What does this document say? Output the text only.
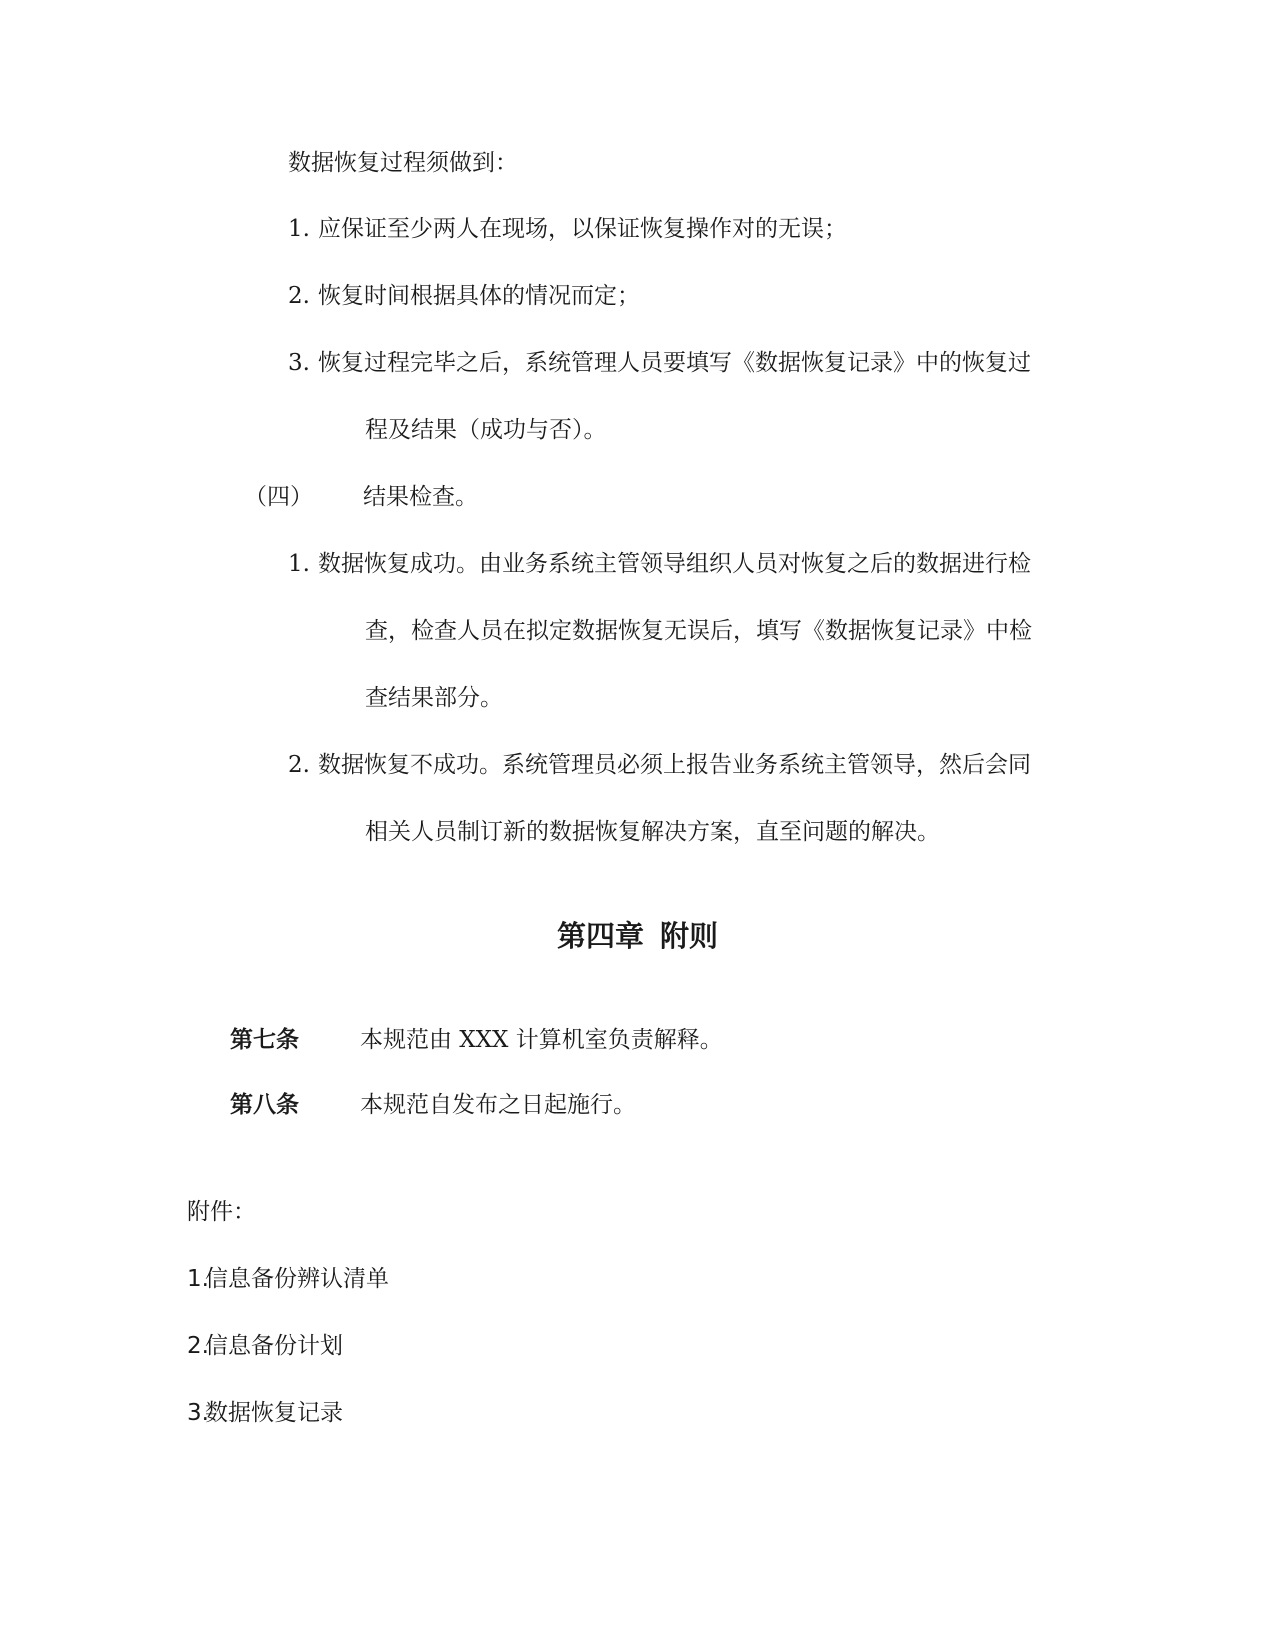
数据恢复过程须做到：
1. 应保证至少两人在现场，以保证恢复操作对的无误；
2. 恢复时间根据具体的情况而定；
3. 恢复过程完毕之后，系统管理人员要填写《数据恢复记录》中的恢复过
程及结果（成功与否）。
（四） 结果检查。
1. 数据恢复成功。由业务系统主管领导组织人员对恢复之后的数据进行检
查，检查人员在拟定数据恢复无误后，填写《数据恢复记录》中检
查结果部分。
2. 数据恢复不成功。系统管理员必须上报告业务系统主管领导，然后会同
相关人员制订新的数据恢复解决方案，直至问题的解决。
第四章 附则
第七条	本规范由 XXX 计算机室负责解释。
第八条	本规范自发布之日起施行。
附件：
1.
信息备份辨认清单
2.
信息备份计划
3.
数据恢复记录
